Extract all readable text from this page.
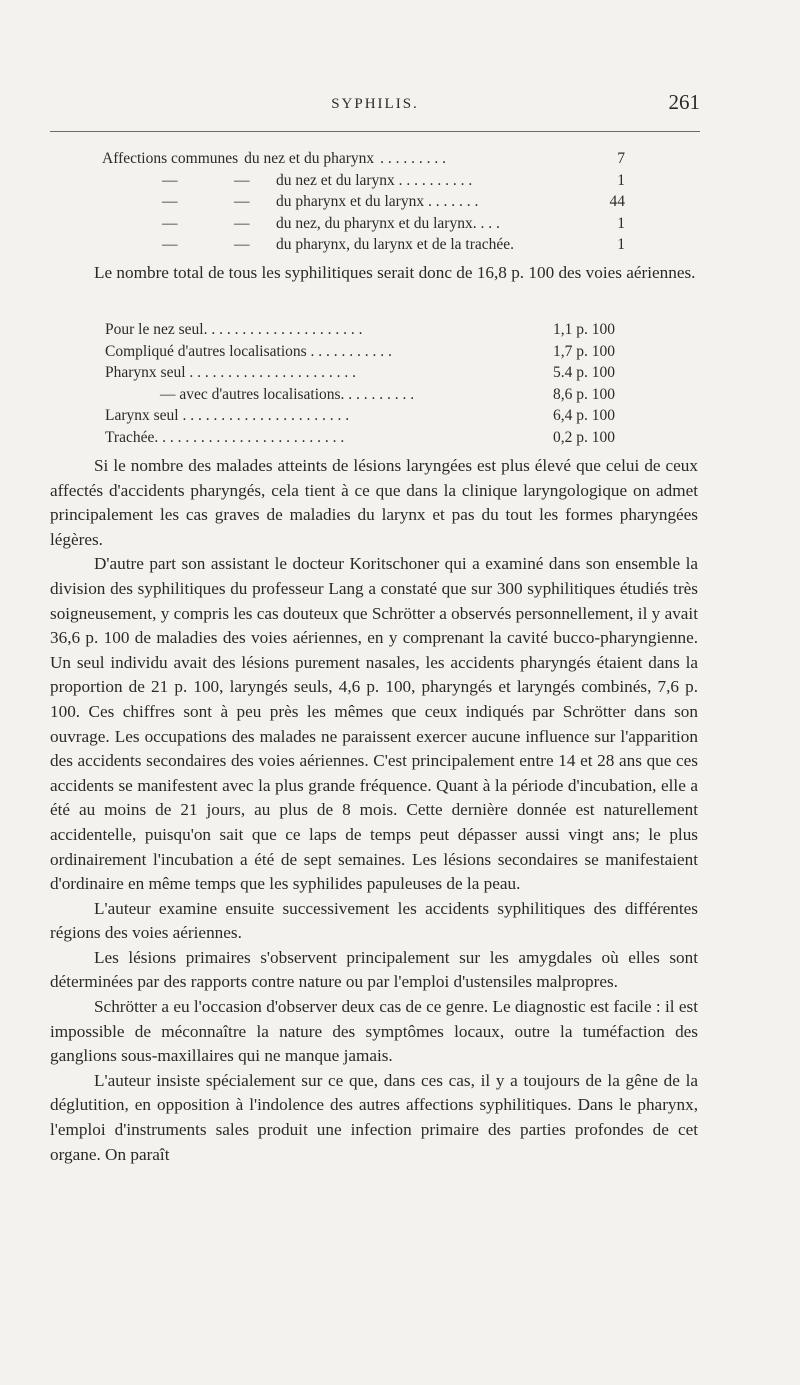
SYPHILIS.	261
Affections communes du nez et du pharynx . . . . . . . . .	7
—	—	du nez et du larynx . . . . . . . . . .	1
—	—	du pharynx et du larynx . . . . . . .	44
—	—	du nez, du pharynx et du larynx. . . .	1
—	—	du pharynx, du larynx et de la trachée.	1

Le nombre total de tous les syphilitiques serait donc de 16,8 p. 100 des voies aériennes.

Pour le nez seul. . . . . . . . . . . . . . . . . . . . .	1,1 p. 100
Compliqué d'autres localisations . . . . . . . . . . .	1,7 p. 100
Pharynx seul . . . . . . . . . . . . . . . . . . . . . .	5.4 p. 100
— avec d'autres localisations. . . . . . . . . .	8,6 p. 100
Larynx seul . . . . . . . . . . . . . . . . . . . . . .	6,4 p. 100
Trachée. . . . . . . . . . . . . . . . . . . . . . . . .	0,2 p. 100

Si le nombre des malades atteints de lésions laryngées est plus élevé que celui de ceux affectés d'accidents pharyngés, cela tient à ce que dans la clinique laryngologique on admet principalement les cas graves de maladies du larynx et pas du tout les formes pharyngées légères.

D'autre part son assistant le docteur Koritschoner qui a examiné dans son ensemble la division des syphilitiques du professeur Lang a constaté que sur 300 syphilitiques étudiés très soigneusement, y compris les cas douteux que Schrötter a observés personnellement, il y avait 36,6 p. 100 de maladies des voies aériennes, en y comprenant la cavité bucco-pharyngienne. Un seul individu avait des lésions purement nasales, les accidents pharyngés étaient dans la proportion de 21 p. 100, laryngés seuls, 4,6 p. 100, pharyngés et laryngés combinés, 7,6 p. 100. Ces chiffres sont à peu près les mêmes que ceux indiqués par Schrötter dans son ouvrage. Les occupations des malades ne paraissent exercer aucune influence sur l'apparition des accidents secondaires des voies aériennes. C'est principalement entre 14 et 28 ans que ces accidents se manifestent avec la plus grande fréquence. Quant à la période d'incubation, elle a été au moins de 21 jours, au plus de 8 mois. Cette dernière donnée est naturellement accidentelle, puisqu'on sait que ce laps de temps peut dépasser aussi vingt ans; le plus ordinairement l'incubation a été de sept semaines. Les lésions secondaires se manifestaient d'ordinaire en même temps que les syphilides papuleuses de la peau.

L'auteur examine ensuite successivement les accidents syphilitiques des différentes régions des voies aériennes.

Les lésions primaires s'observent principalement sur les amygdales où elles sont déterminées par des rapports contre nature ou par l'emploi d'ustensiles malpropres.

Schrötter a eu l'occasion d'observer deux cas de ce genre. Le diagnostic est facile : il est impossible de méconnaître la nature des symptômes locaux, outre la tuméfaction des ganglions sous-maxillaires qui ne manque jamais.

L'auteur insiste spécialement sur ce que, dans ces cas, il y a toujours de la gêne de la déglutition, en opposition à l'indolence des autres affections syphilitiques. Dans le pharynx, l'emploi d'instruments sales produit une infection primaire des parties profondes de cet organe. On paraît
